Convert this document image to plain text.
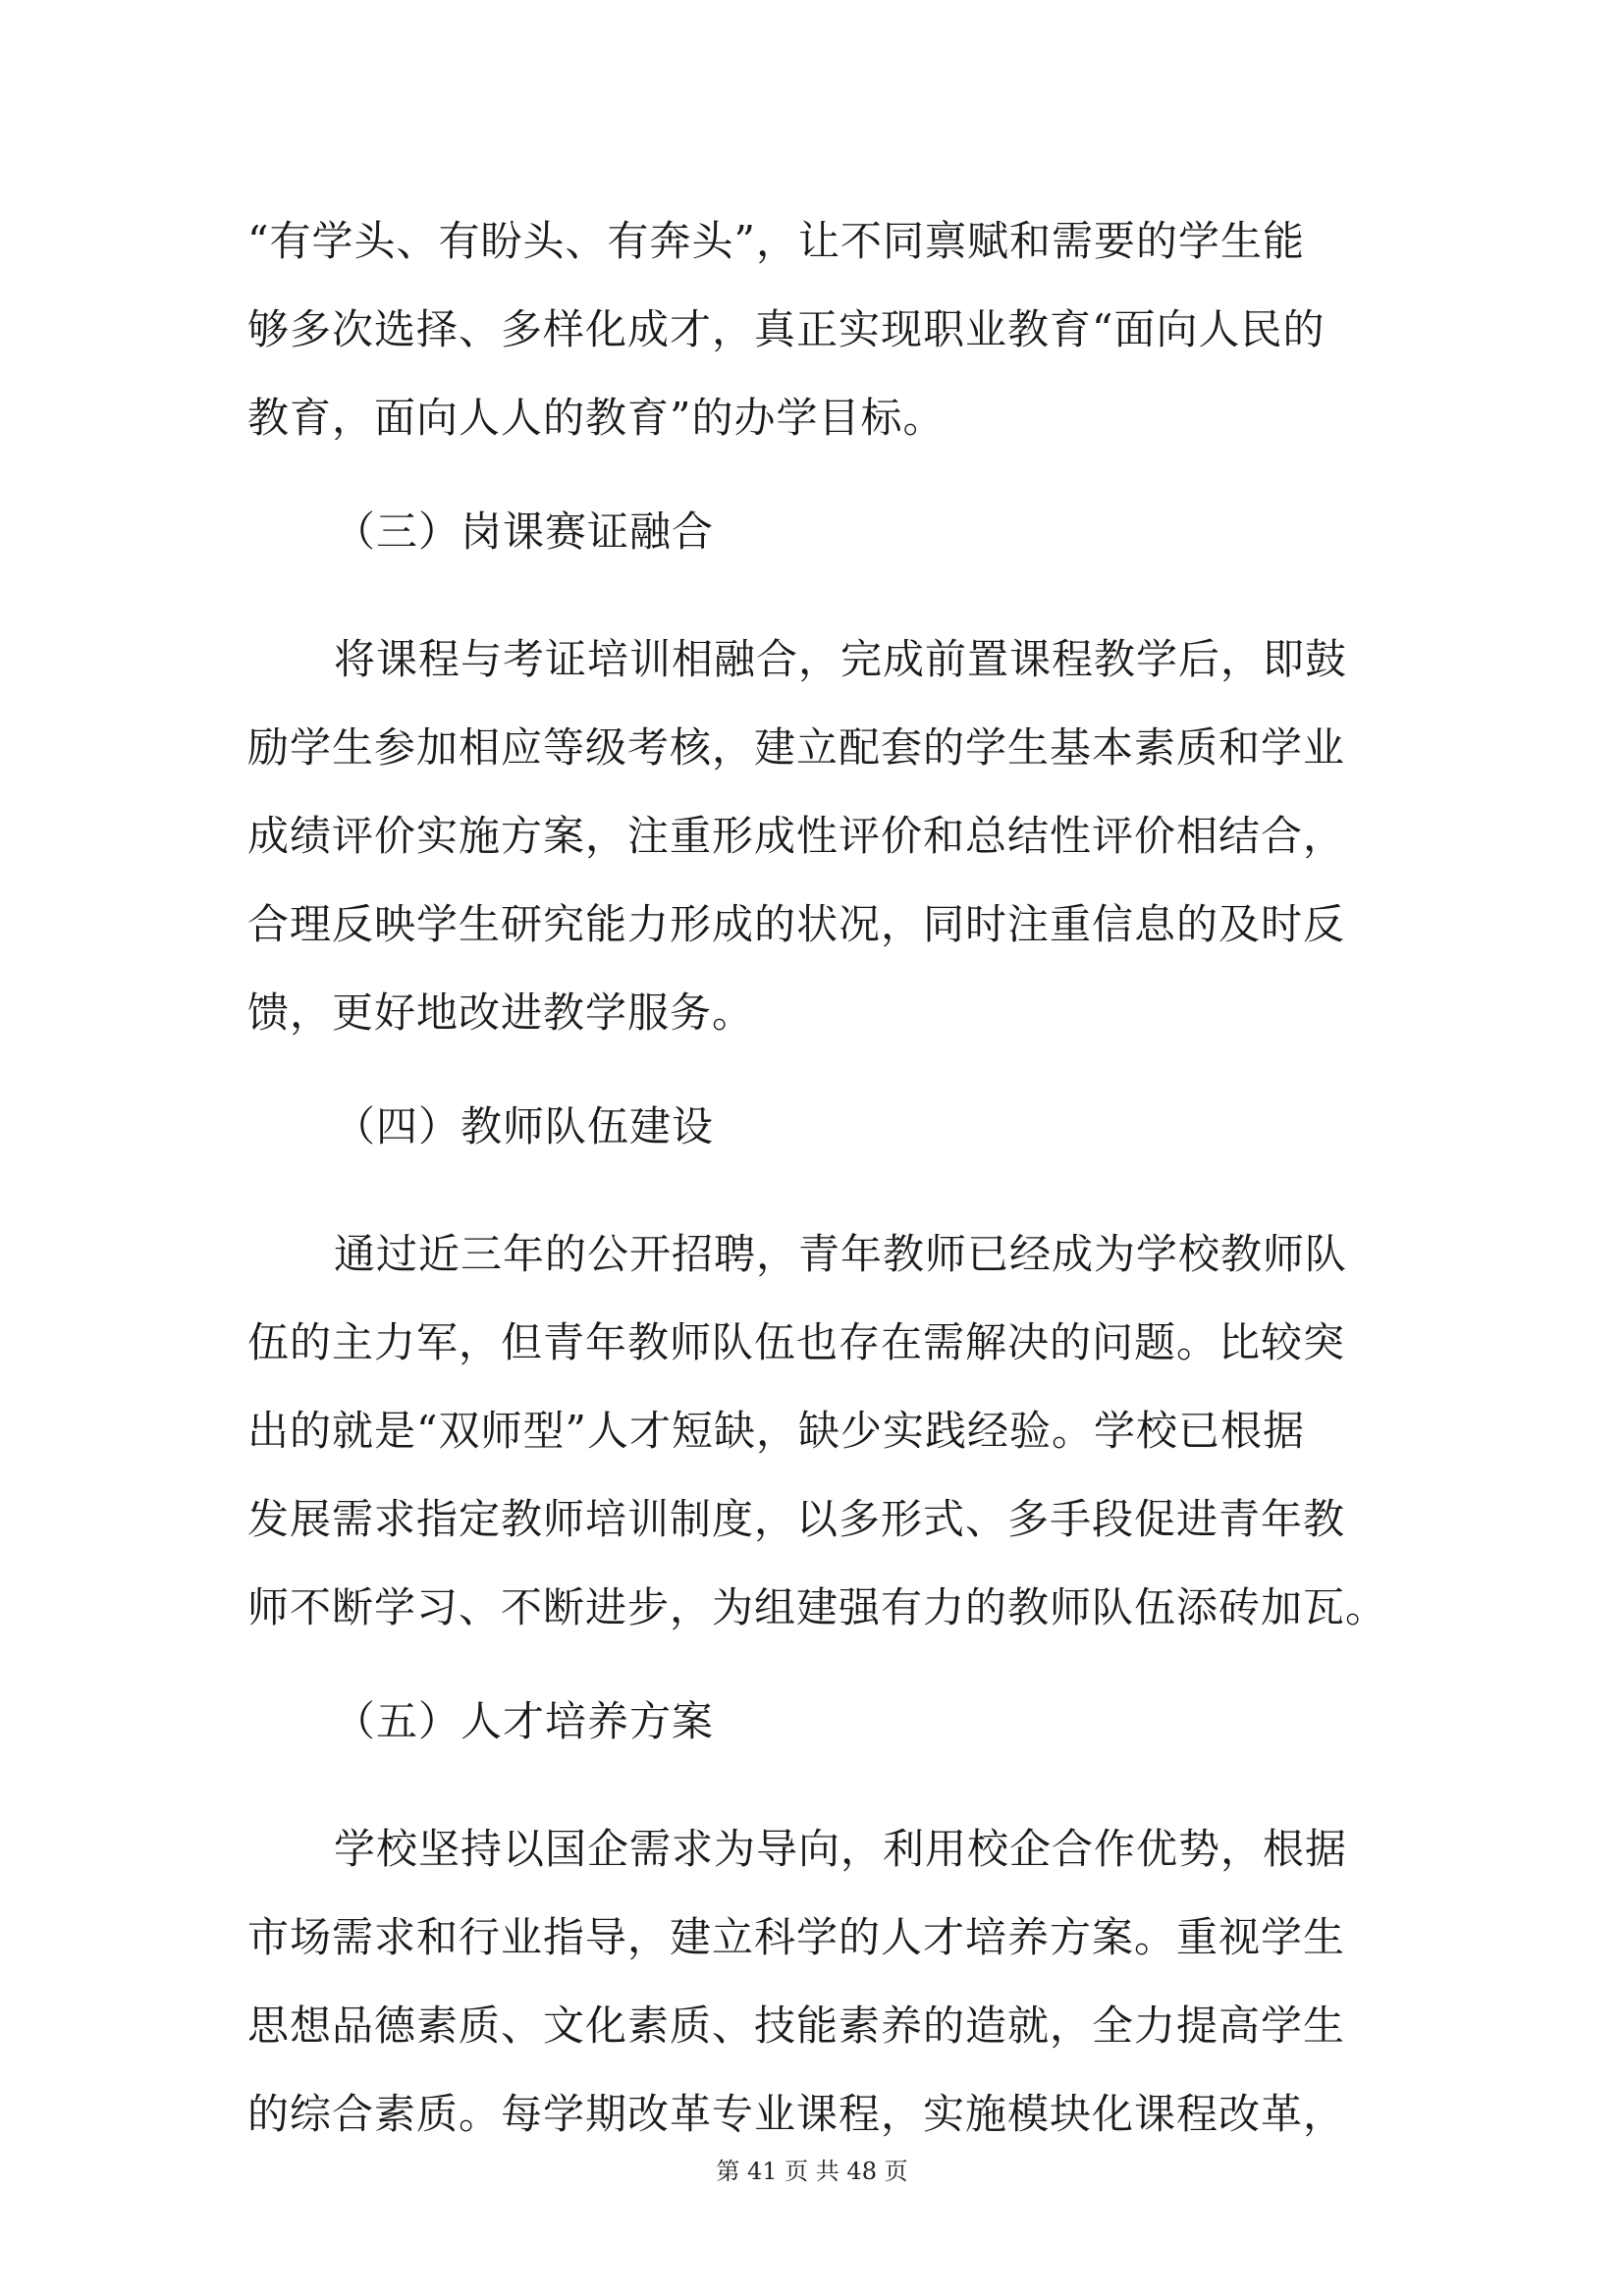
“有学头、有盼头、有奔头”，让不同禀赋和需要的学生能
够多次选择、多样化成才，真正实现职业教育“面向人民的
教育，面向人人的教育”的办学目标。
（三）岗课赛证融合
将课程与考证培训相融合，完成前置课程教学后，即鼓
励学生参加相应等级考核，建立配套的学生基本素质和学业
成绩评价实施方案，注重形成性评价和总结性评价相结合，
合理反映学生研究能力形成的状况，同时注重信息的及时反
馈，更好地改进教学服务。
（四）教师队伍建设
通过近三年的公开招聘，青年教师已经成为学校教师队
伍的主力军，但青年教师队伍也存在需解决的问题。比较突
出的就是“双师型”人才短缺，缺少实践经验。学校已根据
发展需求指定教师培训制度，以多形式、多手段促进青年教
师不断学习、不断进步，为组建强有力的教师队伍添砖加瓦。
（五）人才培养方案
学校坚持以国企需求为导向，利用校企合作优势，根据
市场需求和行业指导，建立科学的人才培养方案。重视学生
思想品德素质、文化素质、技能素养的造就，全力提高学生
的综合素质。每学期改革专业课程，实施模块化课程改革，
第 41 页 共 48 页
